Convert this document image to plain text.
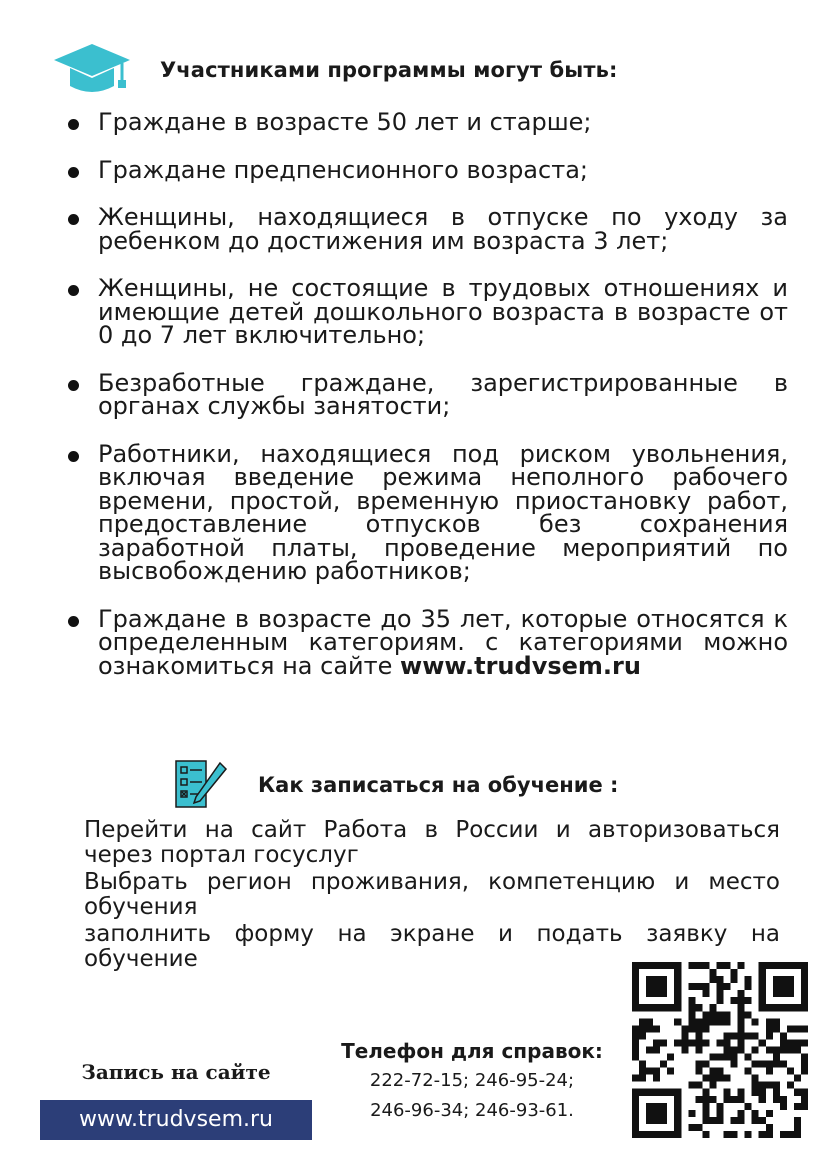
Участниками программы могут быть:
Граждане в возрасте 50 лет и старше;
Граждане предпенсионного возраста;
Женщины, находящиеся в отпуске по уходу за ребенком до достижения им возраста 3 лет;
Женщины, не состоящие в трудовых отношениях и имеющие детей дошкольного возраста в возрасте от 0 до 7 лет включительно;
Безработные граждане, зарегистрированные в органах службы занятости;
Работники, находящиеся под риском увольнения, включая введение режима неполного рабочего времени, простой, временную приостановку работ, предоставление отпусков без сохранения заработной платы, проведение мероприятий по высвобождению работников;
Граждане в возрасте до 35 лет, которые относятся к определенным категориям. с категориями можно ознакомиться на сайте www.trudvsem.ru
Как записаться на обучение :

Перейти на сайт Работа в России и авторизоваться через портал госуслуг

Выбрать регион проживания, компетенцию и место обучения

заполнить форму на экране и подать заявку на обучение

Запись на сайте
www.trudvsem.ru
Телефон для справок:
222-72-15; 246-95-24;
246-96-34; 246-93-61.
